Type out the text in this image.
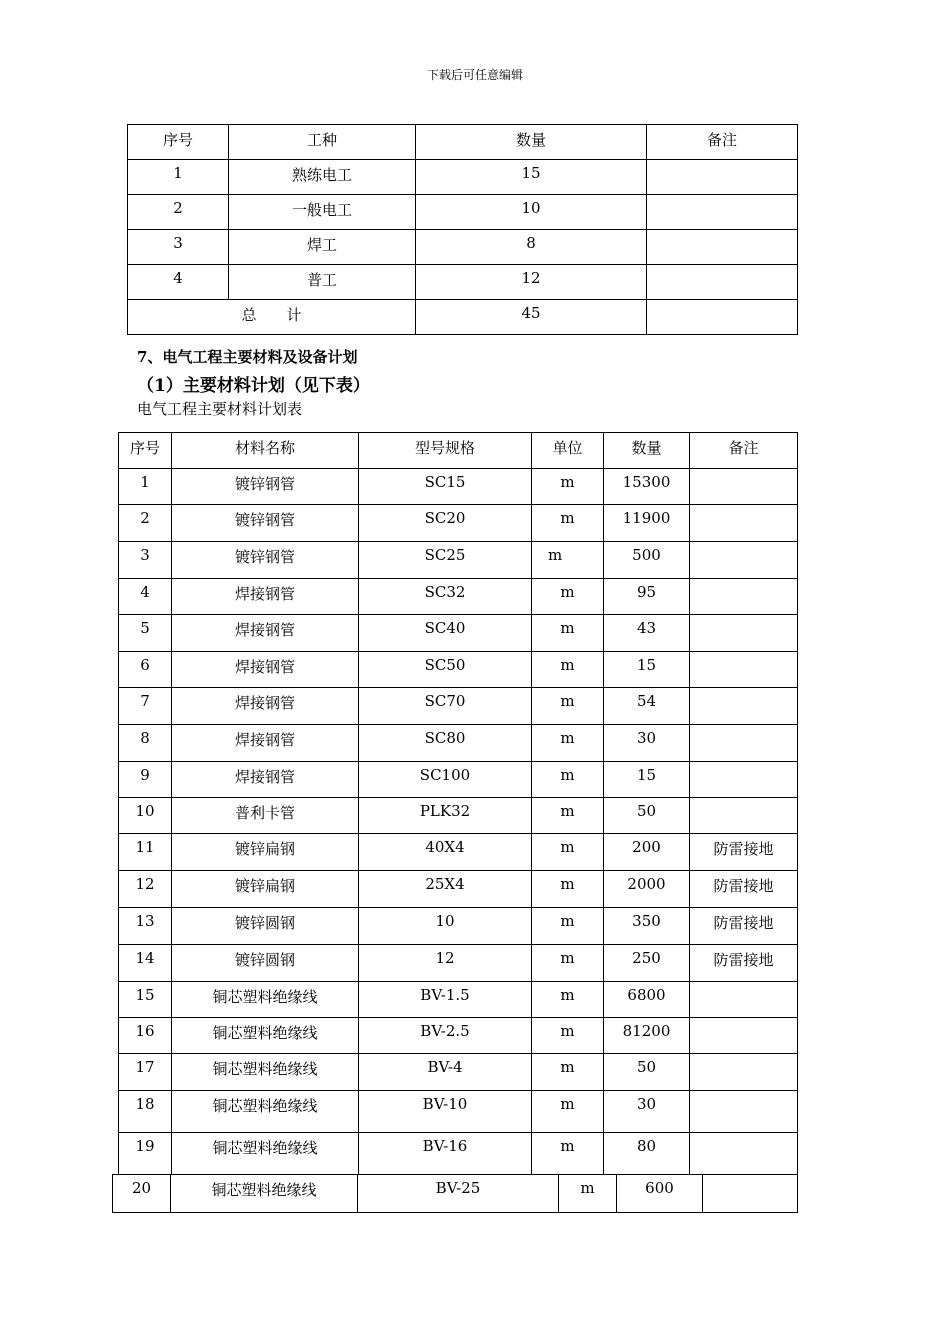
下载后可任意编辑
序号	工种	数量	备注
1	熟练电工	15	
2	一般电工	10	
3	焊工	8	
4	普工	12	
总　　计		45	
7、电气工程主要材料及设备计划
（1）主要材料计划（见下表）
电气工程主要材料计划表
序号	材料名称	型号规格	单位	数量	备注
1	镀锌钢管	SC15	m	15300	
2	镀锌钢管	SC20	m	11900	
3	镀锌钢管	SC25	m	500	
4	焊接钢管	SC32	m	95	
5	焊接钢管	SC40	m	43	
6	焊接钢管	SC50	m	15	
7	焊接钢管	SC70	m	54	
8	焊接钢管	SC80	m	30	
9	焊接钢管	SC100	m	15	
10	普利卡管	PLK32	m	50	
11	镀锌扁钢	40X4	m	200	防雷接地
12	镀锌扁钢	25X4	m	2000	防雷接地
13	镀锌圆钢	10	m	350	防雷接地
14	镀锌圆钢	12	m	250	防雷接地
15	铜芯塑料绝缘线	BV-1.5	m	6800	
16	铜芯塑料绝缘线	BV-2.5	m	81200	
17	铜芯塑料绝缘线	BV-4	m	50	
18	铜芯塑料绝缘线	BV-10	m	30	
19	铜芯塑料绝缘线	BV-16	m	80	
20	铜芯塑料绝缘线	BV-25	m	600	
